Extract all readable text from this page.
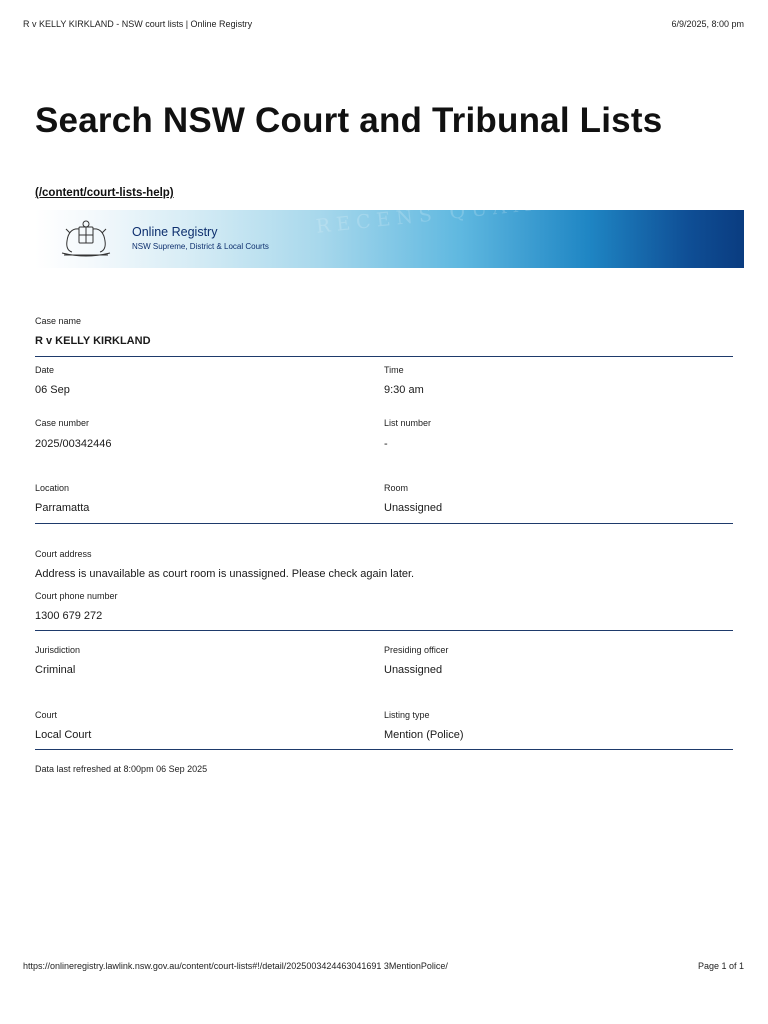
R v KELLY KIRKLAND - NSW court lists | Online Registry	6/9/2025, 8:00 pm
Search NSW Court and Tribunal Lists
(/content/court-lists-help)	RECENS QUAM PURA NITES
Online Registry
NSW Supreme, District & Local Courts
Case name
R v KELLY KIRKLAND
Date
06 Sep
Time
9:30 am
Case number
2025/00342446
List number
-
Location
Parramatta
Room
Unassigned
Court address
Address is unavailable as court room is unassigned. Please check again later.
Court phone number
1300 679 272
Jurisdiction
Criminal
Presiding officer
Unassigned
Court
Local Court
Listing type
Mention (Police)
Data last refreshed at 8:00pm 06 Sep 2025
https://onlineregistry.lawlink.nsw.gov.au/content/court-lists#!/detail/2025003424463041691 3MentionPolice/	Page 1 of 1
